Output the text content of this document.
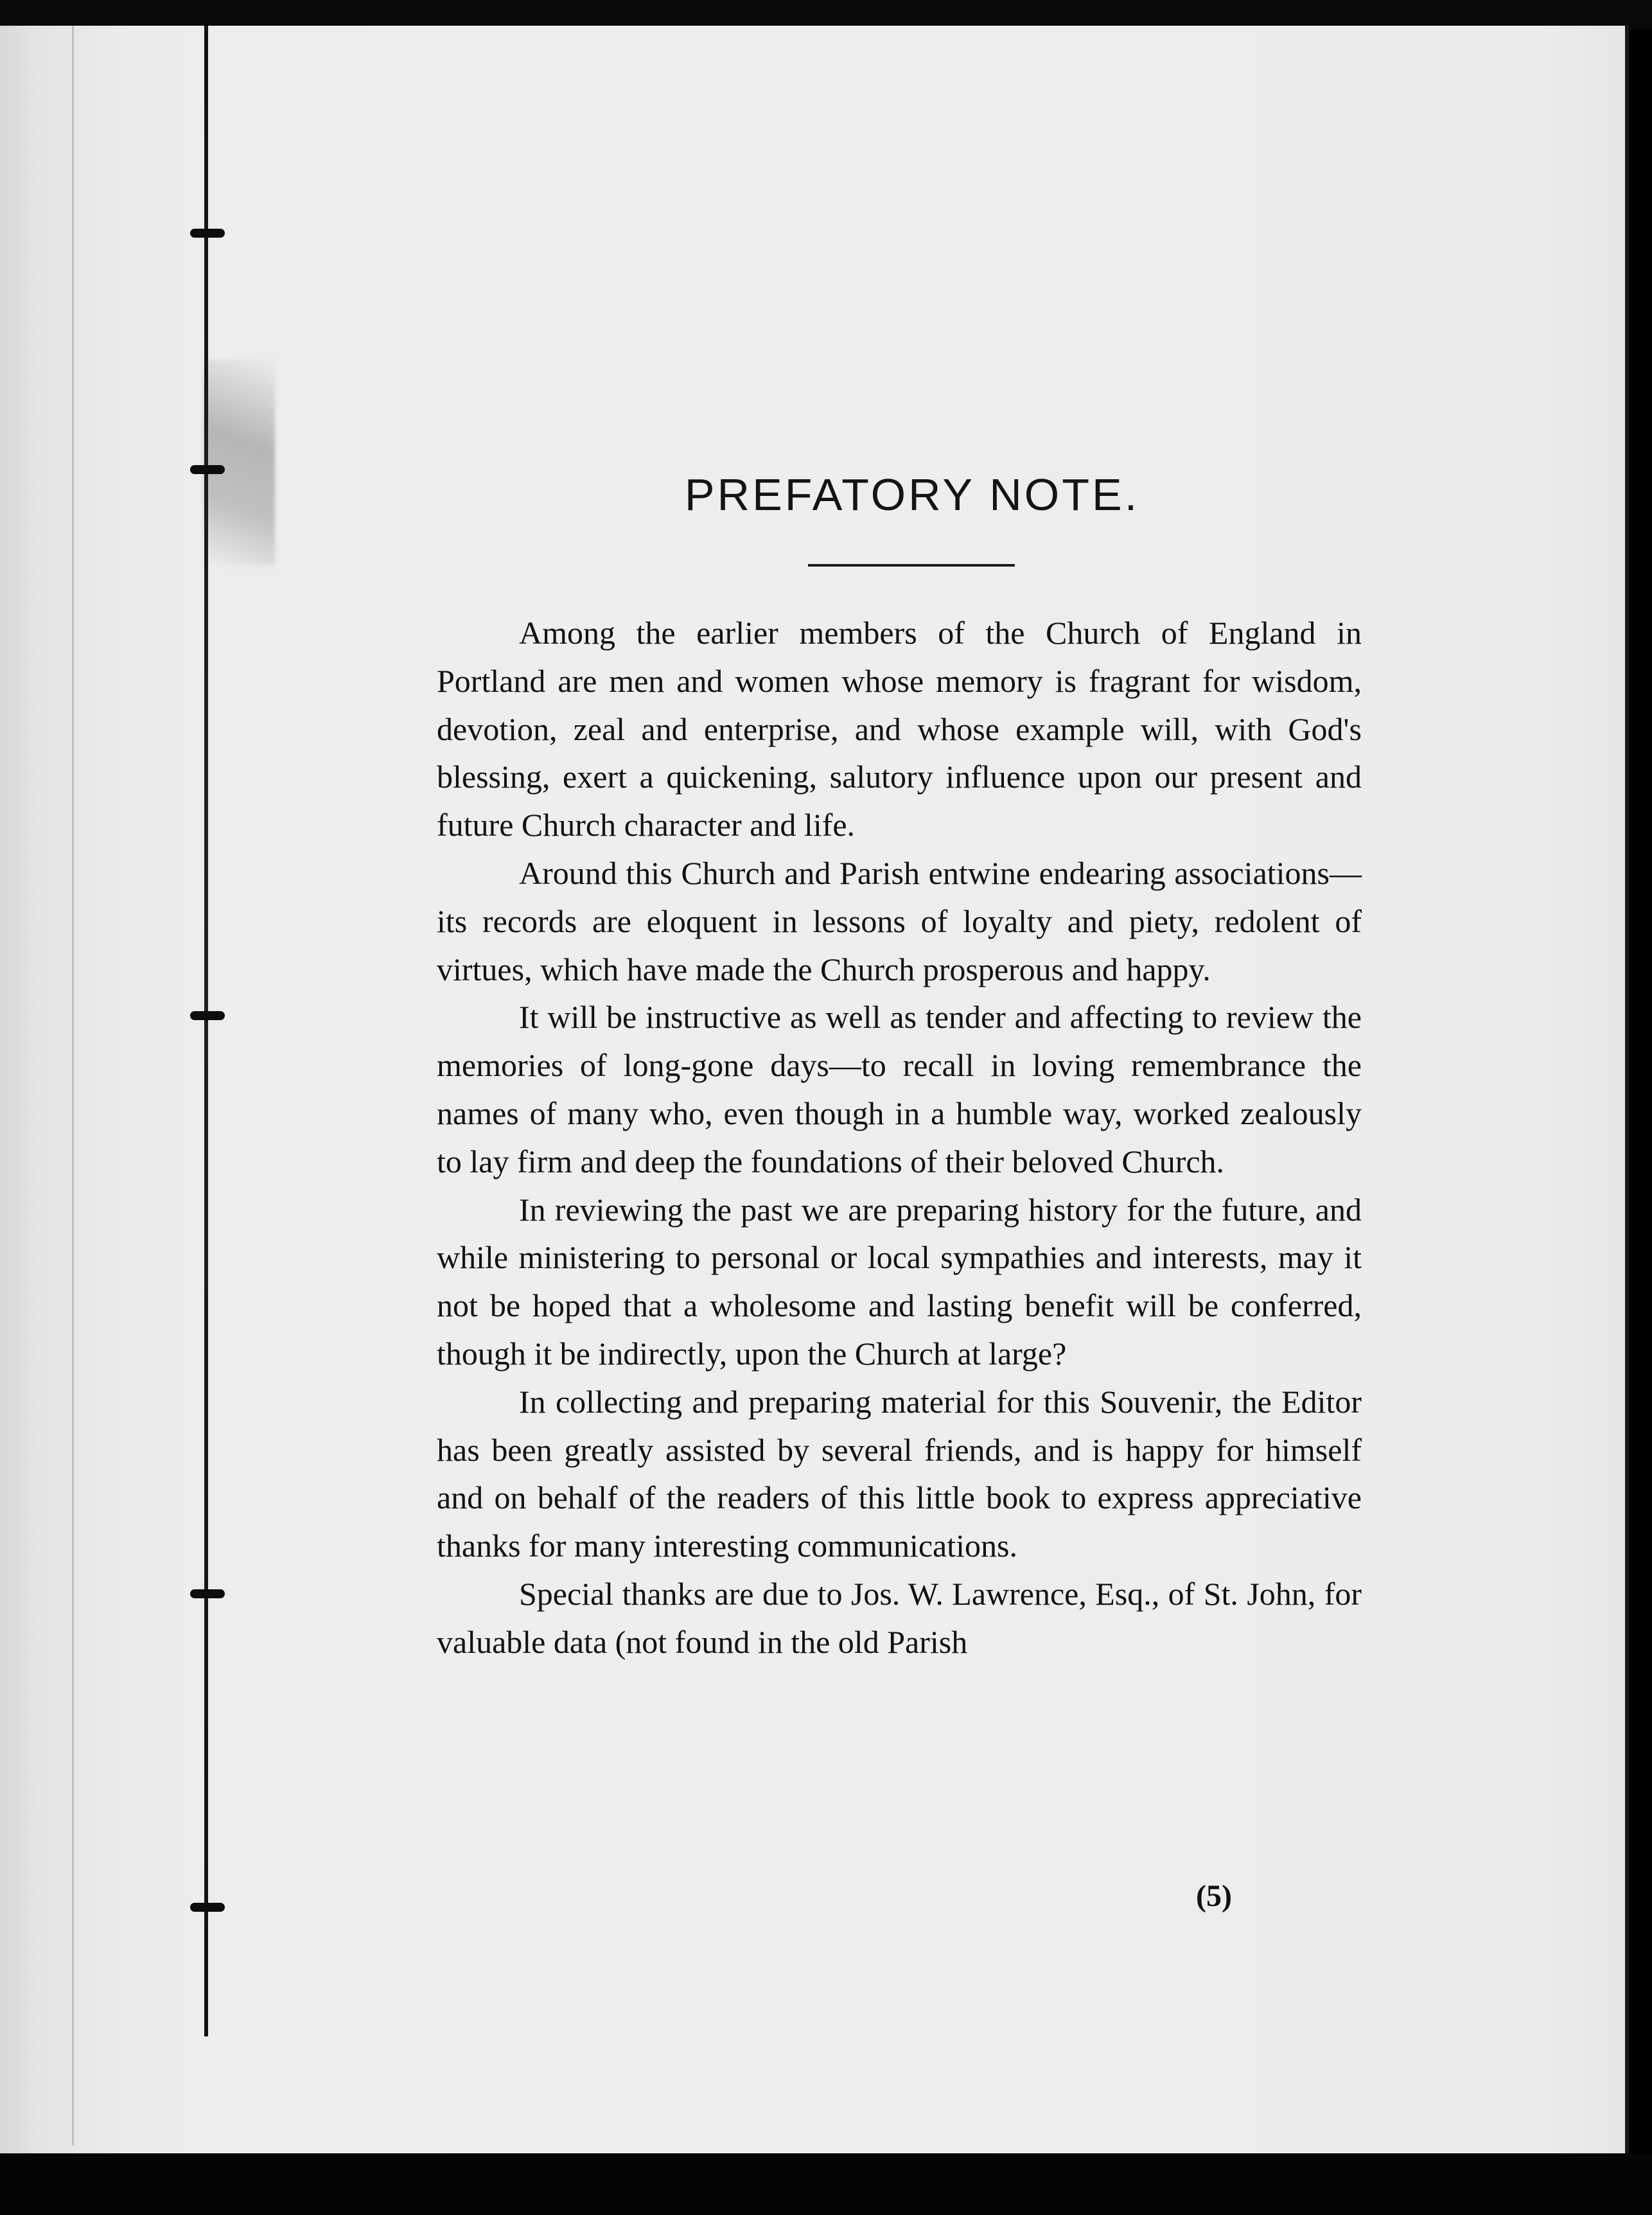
PREFATORY NOTE.

Among the earlier members of the Church of England in Portland are men and women whose memory is fragrant for wisdom, devotion, zeal and enterprise, and whose example will, with God's blessing, exert a quickening, salutory influence upon our present and future Church character and life.

Around this Church and Parish entwine endearing associations—its records are eloquent in lessons of loyalty and piety, redolent of virtues, which have made the Church prosperous and happy.

It will be instructive as well as tender and affecting to review the memories of long-gone days—to recall in loving remembrance the names of many who, even though in a humble way, worked zealously to lay firm and deep the foundations of their beloved Church.

In reviewing the past we are preparing history for the future, and while ministering to personal or local sympathies and interests, may it not be hoped that a wholesome and lasting benefit will be conferred, though it be indirectly, upon the Church at large?

In collecting and preparing material for this Souvenir, the Editor has been greatly assisted by several friends, and is happy for himself and on behalf of the readers of this little book to express appreciative thanks for many interesting communications.

Special thanks are due to Jos. W. Lawrence, Esq., of St. John, for valuable data (not found in the old Parish

(5)
